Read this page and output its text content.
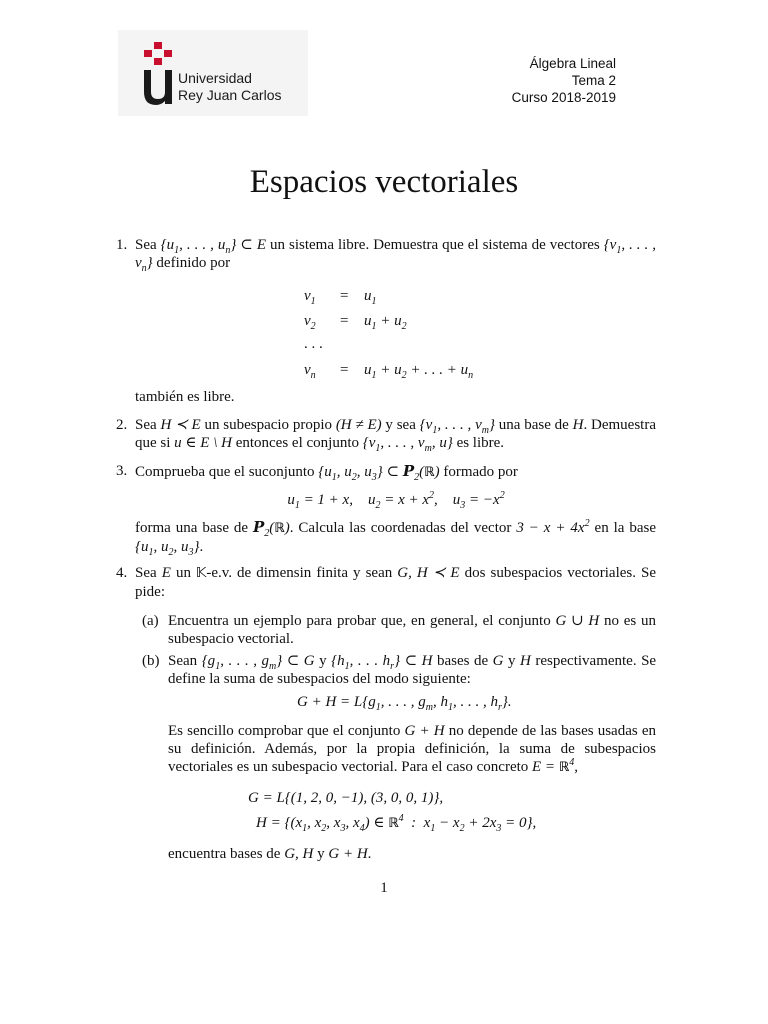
Universidad
Rey Juan Carlos
Álgebra Lineal
Tema 2
Curso 2018-2019
Espacios vectoriales
1. Sea {$u_1$, . . . , $u_n$} ⊂ E un sistema libre. Demuestra que el sistema de vectores {$v_1$, . . . , $v_n$} definido por
$v_1 = u_1$
$v_2 = u_1 + u_2$
. . .
$v_n = u_1 + u_2$ + . . . + $u_n$
también es libre.
2. Sea H ≺ E un subespacio propio (H ≠ E) y sea {$v_1$, . . . , $v_m$} una base de H. Demuestra que si u ∈ E \ H entonces el conjunto {$v_1$, . . . , $v_m$, u} es libre.
3. Comprueba que el suconjunto {$u_1$, $u_2$, $u_3$} ⊂ $P_2(ℝ)$ formado por
$u_1 = 1 + x$,    $u_2 = x + x^2$,    $u_3 = -x^2$
forma una base de $P_2(ℝ)$. Calcula las coordenadas del vector $3 - x + 4x^2$ en la base {$u_1$, $u_2$, $u_3$}.
4. Sea E un 𝕂-e.v. de dimensin finita y sean G, H ≺ E dos subespacios vectoriales. Se pide:
(a) Encuentra un ejemplo para probar que, en general, el conjunto G ∪ H no es un subespacio vectorial.
(b) Sean {$g_1$, . . . , $g_m$} ⊂ G y {$h_1$, . . . $h_r$} ⊂ H bases de G y H respectivamente. Se define la suma de subespacios del modo siguiente:
$G + H = L\{g_1$, . . . , $g_m$, $h_1$, . . . , $h_r$}.
Es sencillo comprobar que el conjunto G + H no depende de las bases usadas en su definición. Además, por la propia definición, la suma de subespacios vectoriales es un subespacio vectorial. Para el caso concreto E = ℝ$^4$,
G = L{(1, 2, 0, −1), (3, 0, 0, 1)},
$H = \{(x_1$, $x_2$, $x_3$, $x_4$) ∈ ℝ$^4$  :  $x_1 - x_2 + 2x_3 = 0$},
encuentra bases de G, H y G + H.
1
